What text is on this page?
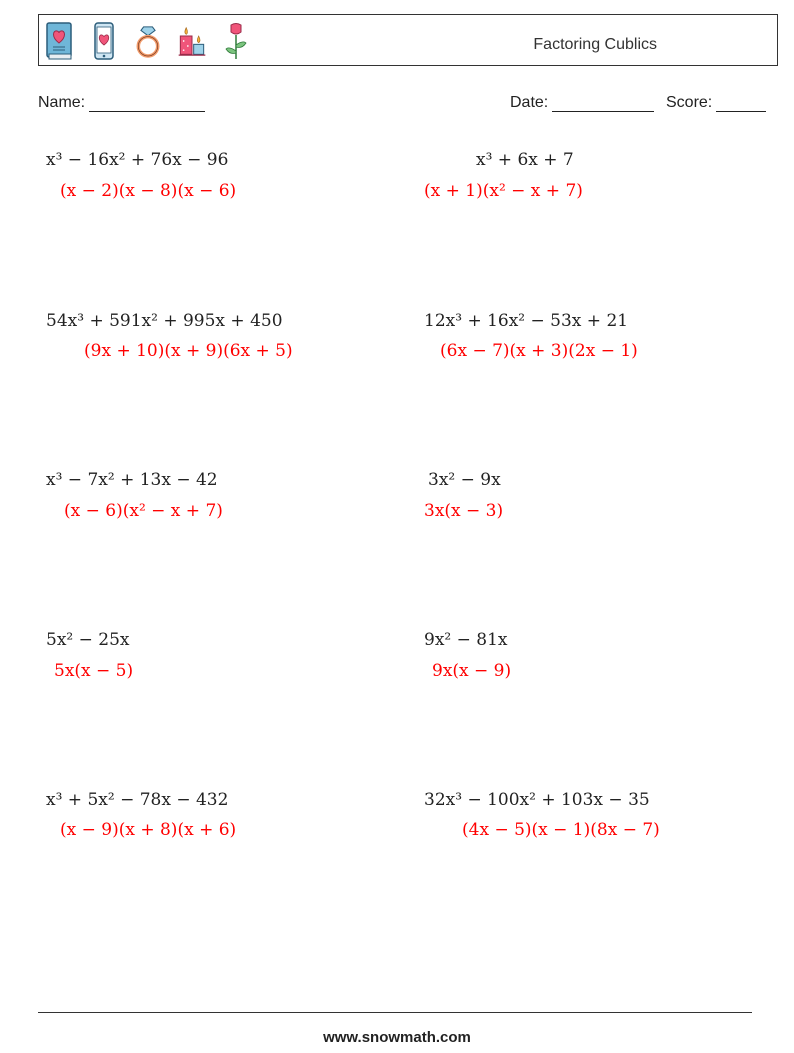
Factoring Cublics
Name:	Date:	Score:
x³ − 16x² + 76x − 96
(x − 2)(x − 8)(x − 6)
x³ + 6x + 7
(x + 1)(x² − x + 7)
54x³ + 591x² + 995x + 450
(9x + 10)(x + 9)(6x + 5)
12x³ + 16x² − 53x + 21
(6x − 7)(x + 3)(2x − 1)
x³ − 7x² + 13x − 42
(x − 6)(x² − x + 7)
3x² − 9x
3x(x − 3)
5x² − 25x
5x(x − 5)
9x² − 81x
9x(x − 9)
x³ + 5x² − 78x − 432
(x − 9)(x + 8)(x + 6)
32x³ − 100x² + 103x − 35
(4x − 5)(x − 1)(8x − 7)
www.snowmath.com
